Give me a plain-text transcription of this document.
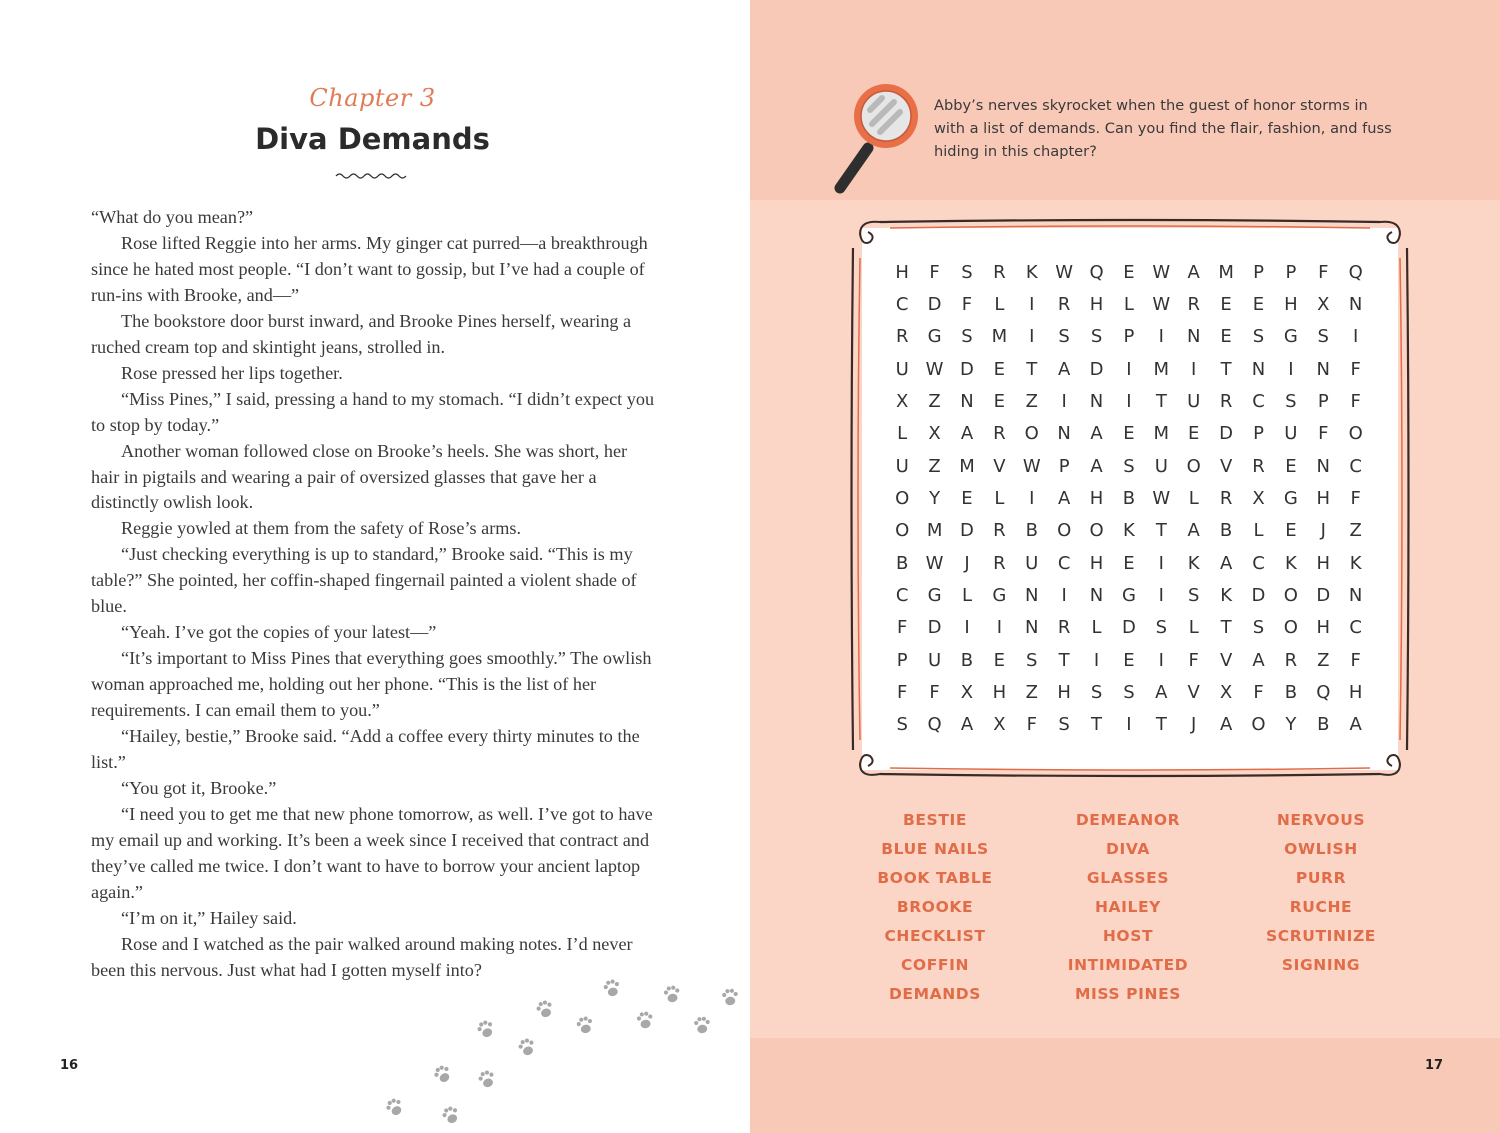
Chapter 3
Diva Demands

“What do you mean?”

Rose lifted Reggie into her arms. My ginger cat purred—a breakthrough since he hated most people. “I don’t want to gossip, but I’ve had a couple of run-ins with Brooke, and—”

The bookstore door burst inward, and Brooke Pines herself, wearing a ruched cream top and skintight jeans, strolled in.

Rose pressed her lips together.

“Miss Pines,” I said, pressing a hand to my stomach. “I didn’t expect you to stop by today.”

Another woman followed close on Brooke’s heels. She was short, her hair in pigtails and wearing a pair of oversized glasses that gave her a distinctly owlish look.

Reggie yowled at them from the safety of Rose’s arms.

“Just checking everything is up to standard,” Brooke said. “This is my table?” She pointed, her coffin-shaped fingernail painted a violent shade of blue.

“Yeah. I’ve got the copies of your latest—”

“It’s important to Miss Pines that everything goes smoothly.” The owlish woman approached me, holding out her phone. “This is the list of her requirements. I can email them to you.”

“Hailey, bestie,” Brooke said. “Add a coffee every thirty minutes to the list.”

“You got it, Brooke.”

“I need you to get me that new phone tomorrow, as well. I’ve got to have my email up and working. It’s been a week since I received that contract and they’ve called me twice. I don’t want to have to borrow your ancient laptop again.”

“I’m on it,” Hailey said.

Rose and I watched as the pair walked around making notes. I’d never been this nervous. Just what had I gotten myself into?

16
Abby’s nerves skyrocket when the guest of honor storms in with a list of demands. Can you find the flair, fashion, and fuss hiding in this chapter?
H	F	S	R	K W Q	E W A	M	P	P	F	Q
C	D	F	L	I	R	H	L	W R	E	E	H	X	N
R	G	S	M	I	S	S	P	I	N	E	S	G	S	I
U W D	E	T	A	D	I	M	I	T	N	I	N	F
X	Z	N	E	Z	I	N	I	T	U	R	C	S	P	F
L	X	A	R	O	N	A	E	M	E	D	P	U	F	O
U	Z	M	V W	P	A	S	U	O	V	R	E	N	C
O	Y	E	L	I	A	H	B W	L	R	X	G	H	F
O M D	R	B	O	O	K	T	A	B	L	E	J	Z
B W	J	R	U	C	H	E	I	K	A	C	K	H	K
C	G	L	G	N	I	N	G	I	S	K	D	O	D	N
F	D	I	I	N	R	L	D	S	L	T	S	O	H	C
P	U	B	E	S	T	I	E	I	F	V	A	R	Z	F
F	F	X	H	Z	H	S	S	A	V	X	F	B	Q	H
S	Q	A	X	F	S	T	I	T	J	A	O	Y	B	A
BESTIE
BLUE NAILS
BOOK TABLE
BROOKE
CHECKLIST
COFFIN
DEMANDS
DEMEANOR
DIVA
GLASSES
HAILEY
HOST
INTIMIDATED
MISS PINES
NERVOUS
OWLISH
PURR
RUCHE
SCRUTINIZE
SIGNING
17
